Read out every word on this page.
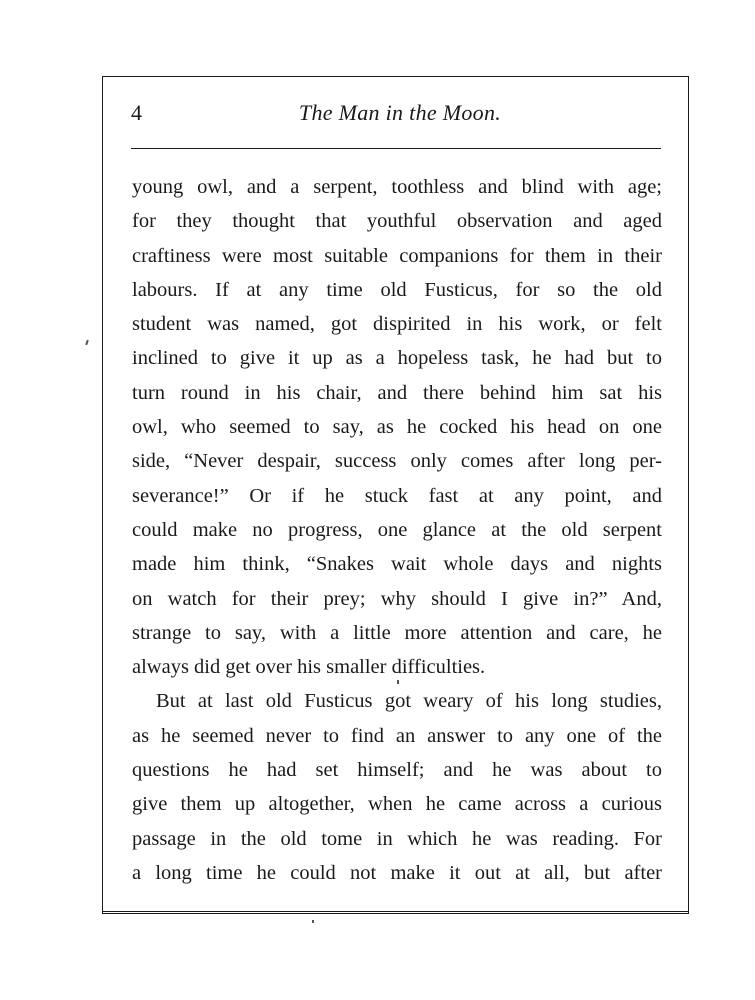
4	The Man in the Moon.
young owl, and a serpent, toothless and blind with age;
for they thought that youthful observation and aged
craftiness were most suitable companions for them in their
labours. If at any time old Fusticus, for so the old
student was named, got dispirited in his work, or felt
inclined to give it up as a hopeless task, he had but to
turn round in his chair, and there behind him sat his
owl, who seemed to say, as he cocked his head on one
side, “Never despair, success only comes after long per-
severance!” Or if he stuck fast at any point, and
could make no progress, one glance at the old serpent
made him think, “Snakes wait whole days and nights
on watch for their prey; why should I give in?” And,
strange to say, with a little more attention and care, he
always did get over his smaller difficulties.
But at last old Fusticus got weary of his long studies,
as he seemed never to find an answer to any one of the
questions he had set himself; and he was about to
give them up altogether, when he came across a curious
passage in the old tome in which he was reading. For
a long time he could not make it out at all, but after
